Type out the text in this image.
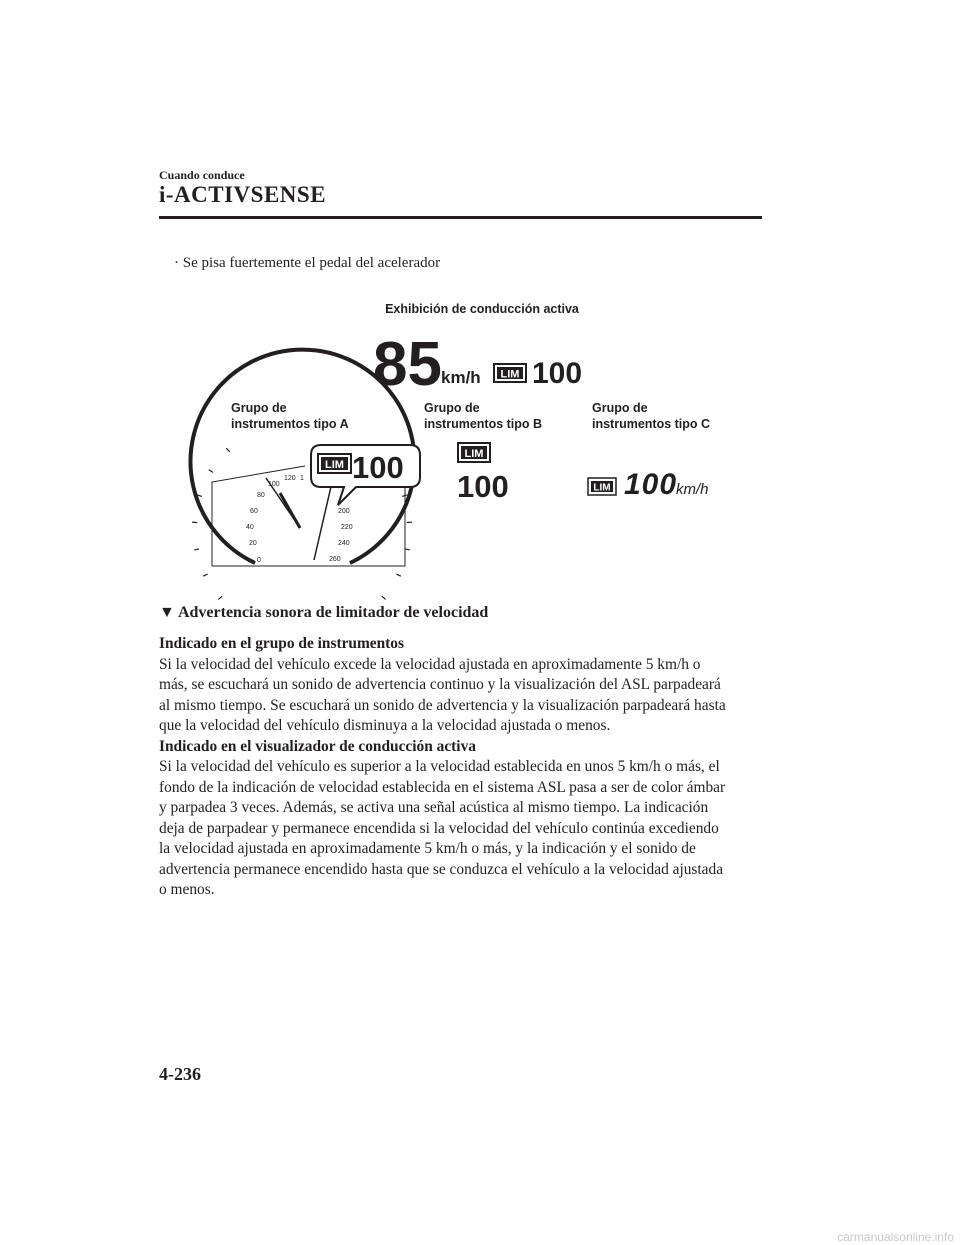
Cuando conduce
i-ACTIVSENSE
· Se pisa fuertemente el pedal del acelerador
Exhibición de conducción activa
85 km/h LIM 100
Grupo de
instrumentos tipo A
Grupo de
instrumentos tipo B
Grupo de
instrumentos tipo C
0
20
40
60
80
100
120 1
200
220
240
260
LIM 100	LIM
100	LIM 100
km/h
▼ Advertencia sonora de limitador de velocidad
Indicado en el grupo de instrumentos
Si la velocidad del vehículo excede la velocidad ajustada en aproximadamente 5 km/h o
más, se escuchará un sonido de advertencia continuo y la visualización del ASL parpadeará
al mismo tiempo. Se escuchará un sonido de advertencia y la visualización parpadeará hasta
que la velocidad del vehículo disminuya a la velocidad ajustada o menos.
Indicado en el visualizador de conducción activa
Si la velocidad del vehículo es superior a la velocidad establecida en unos 5 km/h o más, el
fondo de la indicación de velocidad establecida en el sistema ASL pasa a ser de color ámbar
y parpadea 3 veces. Además, se activa una señal acústica al mismo tiempo. La indicación
deja de parpadear y permanece encendida si la velocidad del vehículo continúa excediendo
la velocidad ajustada en aproximadamente 5 km/h o más, y la indicación y el sonido de
advertencia permanece encendido hasta que se conduzca el vehículo a la velocidad ajustada
o menos.
4-236
carmanualsonline.info
